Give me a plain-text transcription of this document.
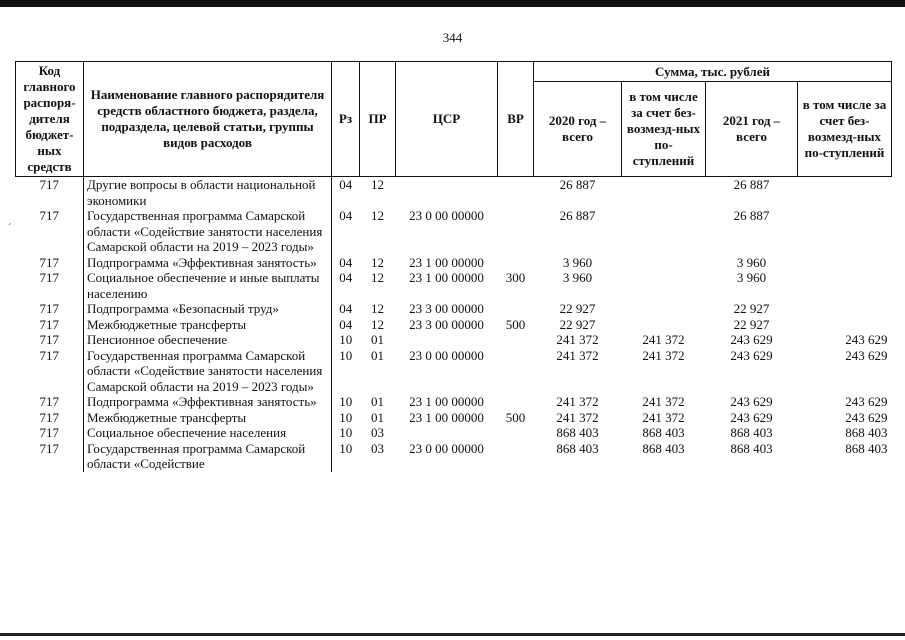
344
ˊ
Код главного распоря-дителя бюджет-ных средств	Наименование главного распорядителя средств областного бюджета, раздела, подраздела, целевой статьи, группы видов расходов	Рз	ПР	ЦСР	ВР	Сумма, тыс. рублей			
						2020 год – всего	в том числе за счет без-возмезд-ных по-ступлений	2021 год – всего	в том числе за счет без-возмезд-ных по-ступлений
717	Другие вопросы в области национальной экономики	04	12			26 887		26 887	
717	Государственная программа Самарской области «Содействие занятости населения Самарской области на 2019 – 2023 годы»	04	12	23 0 00 00000		26 887		26 887	
717	Подпрограмма «Эффективная занятость»	04	12	23 1 00 00000		3 960		3 960	
717	Социальное обеспечение и иные выплаты населению	04	12	23 1 00 00000	300	3 960		3 960	
717	Подпрограмма «Безопасный труд»	04	12	23 3 00 00000		22 927		22 927	
717	Межбюджетные трансферты	04	12	23 3 00 00000	500	22 927		22 927	
717	Пенсионное обеспечение	10	01			241 372	241 372	243 629	243 629
717	Государственная программа Самарской области «Содействие занятости населения Самарской области на 2019 – 2023 годы»	10	01	23 0 00 00000		241 372	241 372	243 629	243 629
717	Подпрограмма «Эффективная занятость»	10	01	23 1 00 00000		241 372	241 372	243 629	243 629
717	Межбюджетные трансферты	10	01	23 1 00 00000	500	241 372	241 372	243 629	243 629
717	Социальное обеспечение населения	10	03			868 403	868 403	868 403	868 403
717	Государственная программа Самарской области «Содействие	10	03	23 0 00 00000		868 403	868 403	868 403	868 403
